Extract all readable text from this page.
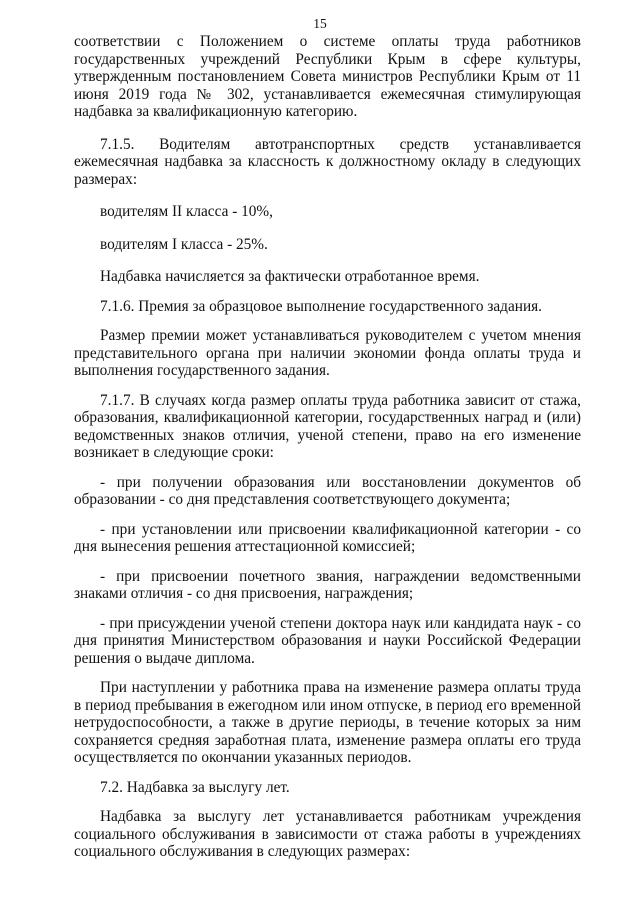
15

соответствии с Положением о системе оплаты труда работников государственных учреждений Республики Крым в сфере культуры, утвержденным постановлением Совета министров Республики Крым от 11 июня 2019 года № 302, устанавливается ежемесячная стимулирующая надбавка за квалификационную категорию.

7.1.5. Водителям автотранспортных средств устанавливается ежемесячная надбавка за классность к должностному окладу в следующих размерах:

водителям II класса - 10%,

водителям I класса - 25%.

Надбавка начисляется за фактически отработанное время.

7.1.6. Премия за образцовое выполнение государственного задания.

Размер премии может устанавливаться руководителем с учетом мнения представительного органа при наличии экономии фонда оплаты труда и выполнения государственного задания.

7.1.7. В случаях когда размер оплаты труда работника зависит от стажа, образования, квалификационной категории, государственных наград и (или) ведомственных знаков отличия, ученой степени, право на его изменение возникает в следующие сроки:

- при получении образования или восстановлении документов об образовании - со дня представления соответствующего документа;

- при установлении или присвоении квалификационной категории - со дня вынесения решения аттестационной комиссией;

- при присвоении почетного звания, награждении ведомственными знаками отличия - со дня присвоения, награждения;

- при присуждении ученой степени доктора наук или кандидата наук - со дня принятия Министерством образования и науки Российской Федерации решения о выдаче диплома.

При наступлении у работника права на изменение размера оплаты труда в период пребывания в ежегодном или ином отпуске, в период его временной нетрудоспособности, а также в другие периоды, в течение которых за ним сохраняется средняя заработная плата, изменение размера оплаты его труда осуществляется по окончании указанных периодов.

7.2. Надбавка за выслугу лет.

Надбавка за выслугу лет устанавливается работникам учреждения социального обслуживания в зависимости от стажа работы в учреждениях социального обслуживания в следующих размерах:
